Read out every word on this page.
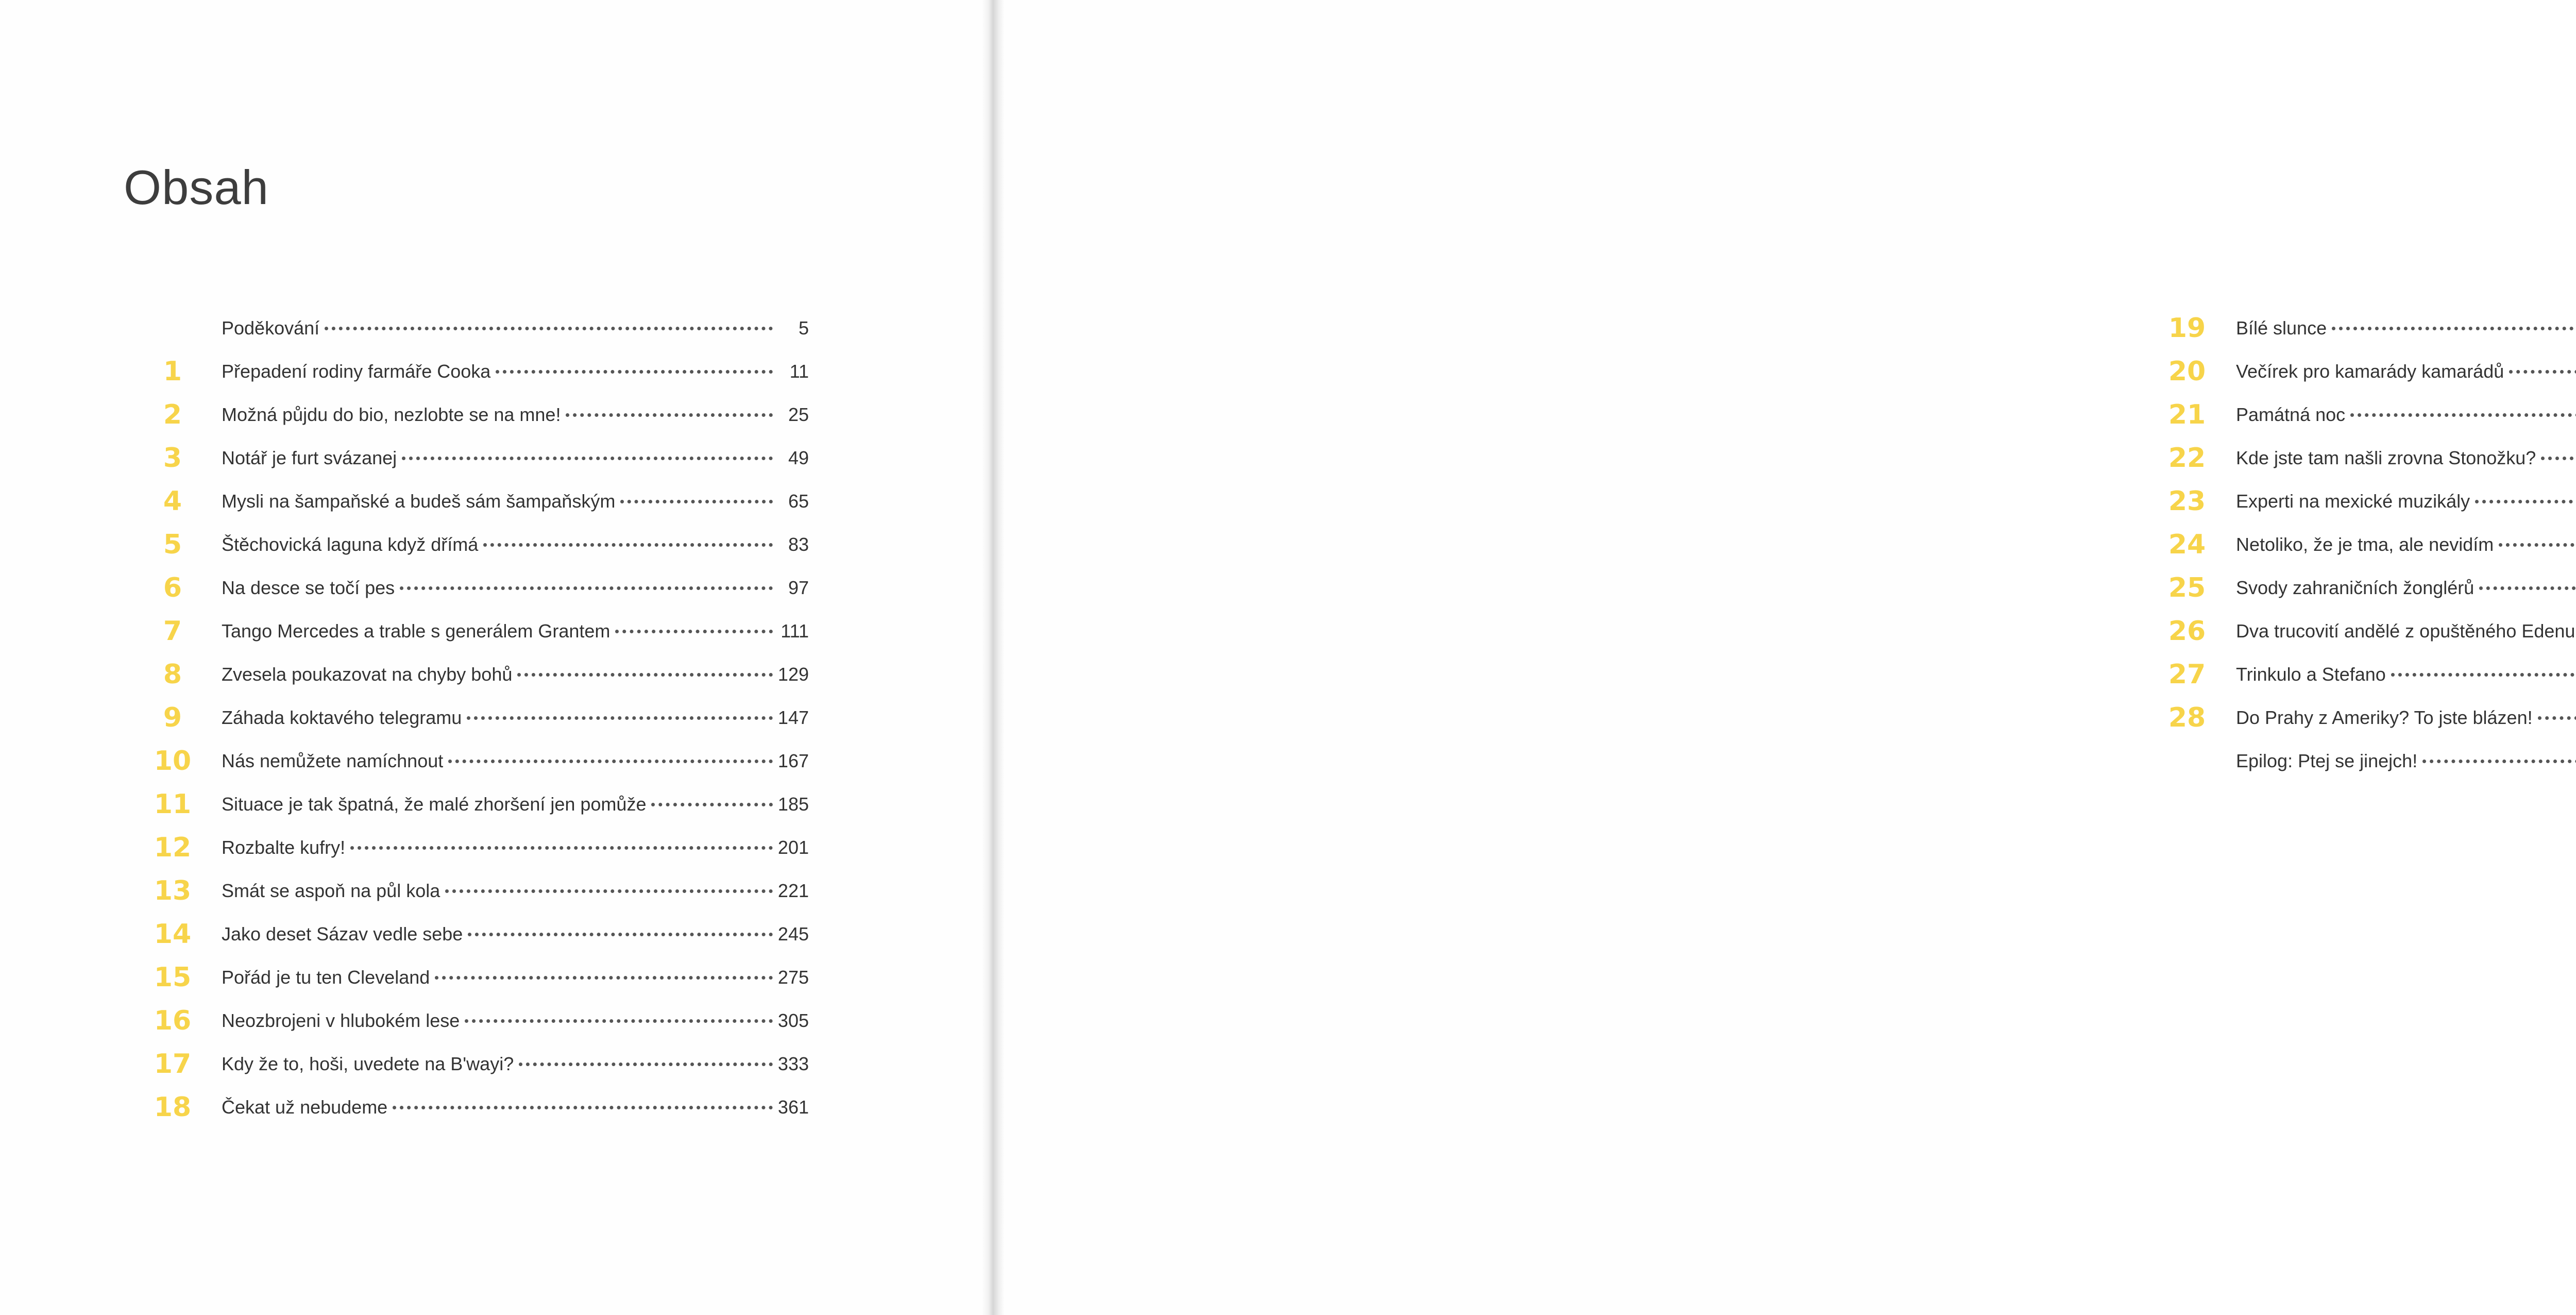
Obsah
Poděkování	5
1	Přepadení rodiny farmáře Cooka	11
2	Možná půjdu do bio, nezlobte se na mne!	25
3	Notář je furt svázanej	49
4	Mysli na šampaňské a budeš sám šampaňským	65
5	Štěchovická laguna když dřímá	83
6	Na desce se točí pes	97
7	Tango Mercedes a trable s generálem Grantem	111
8	Zvesela poukazovat na chyby bohů	129
9	Záhada koktavého telegramu	147
10	Nás nemůžete namíchnout	167
11	Situace je tak špatná, že malé zhoršení jen pomůže	185
12	Rozbalte kufry!	201
13	Smát se aspoň na půl kola	221
14	Jako deset Sázav vedle sebe	245
15	Pořád je tu ten Cleveland	275
16	Neozbrojeni v hlubokém lese	305
17	Kdy že to, hoši, uvedete na B'wayi?	333
18	Čekat už nebudeme	361
19	Bílé slunce
20	Večírek pro kamarády kamarádů
21	Památná noc
22	Kde jste tam našli zrovna Stonožku?
23	Experti na mexické muzikály
24	Netoliko, že je tma, ale nevidím
25	Svody zahraničních žonglérů
26	Dva trucovití andělé z opuštěného Edenu
27	Trinkulo a Stefano
28	Do Prahy z Ameriky? To jste blázen!
Epilog: Ptej se jinejch!
